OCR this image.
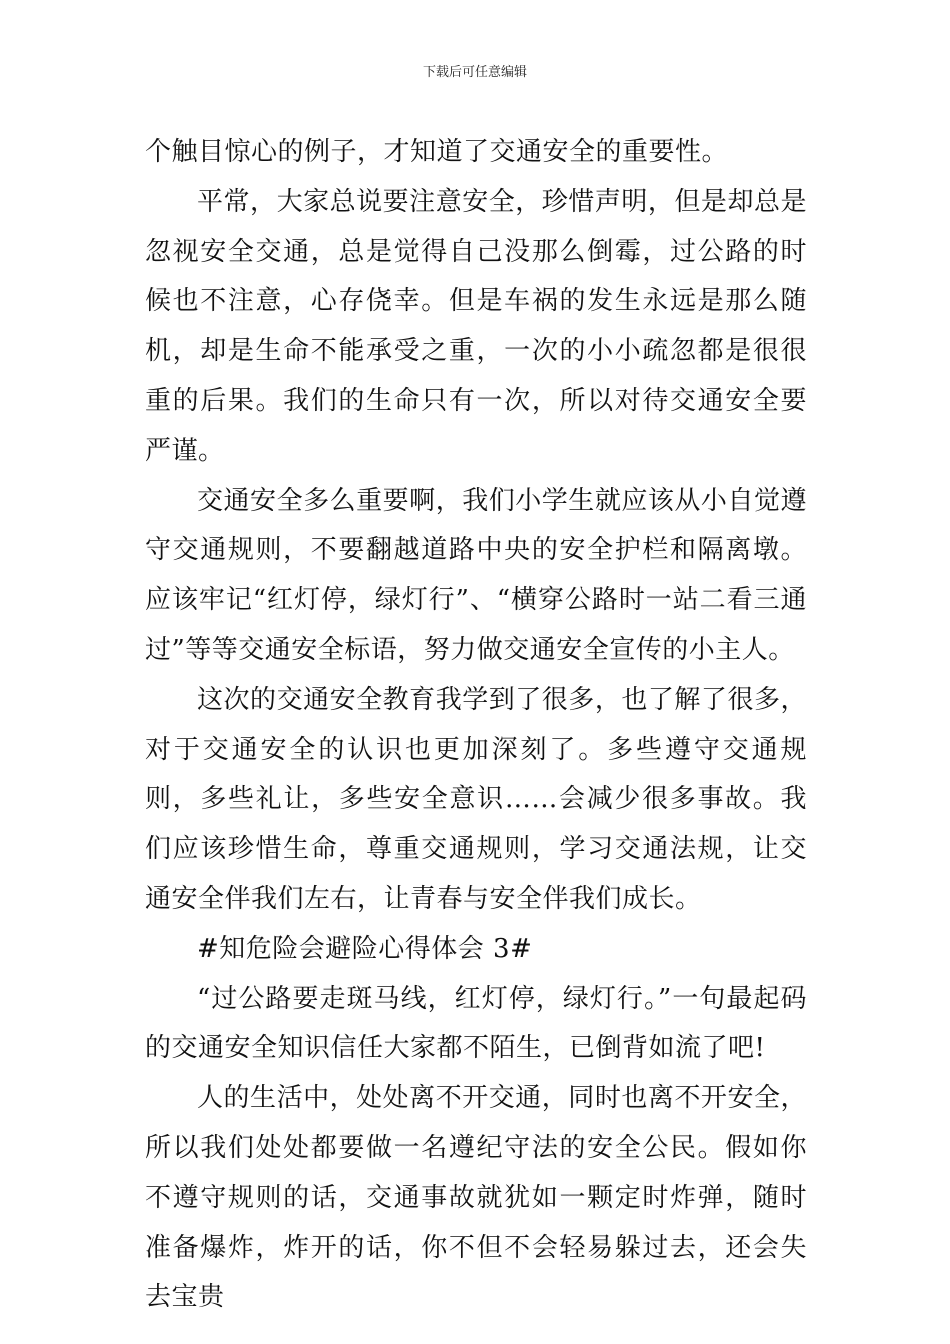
下载后可任意编辑

个触目惊心的例子，才知道了交通安全的重要性。

平常，大家总说要注意安全，珍惜声明，但是却总是忽视安全交通，总是觉得自己没那么倒霉，过公路的时候也不注意，心存侥幸。但是车祸的发生永远是那么随机，却是生命不能承受之重，一次的小小疏忽都是很很重的后果。我们的生命只有一次，所以对待交通安全要严谨。

交通安全多么重要啊，我们小学生就应该从小自觉遵守交通规则，不要翻越道路中央的安全护栏和隔离墩。应该牢记“红灯停，绿灯行”、“横穿公路时一站二看三通过”等等交通安全标语，努力做交通安全宣传的小主人。

这次的交通安全教育我学到了很多，也了解了很多，对于交通安全的认识也更加深刻了。多些遵守交通规则，多些礼让，多些安全意识……会减少很多事故。我们应该珍惜生命，尊重交通规则，学习交通法规，让交通安全伴我们左右，让青春与安全伴我们成长。

#知危险会避险心得体会 3#

“过公路要走斑马线，红灯停，绿灯行。”一句最起码的交通安全知识信任大家都不陌生，已倒背如流了吧!

人的生活中，处处离不开交通，同时也离不开安全，所以我们处处都要做一名遵纪守法的安全公民。假如你不遵守规则的话，交通事故就犹如一颗定时炸弹，随时准备爆炸，炸开的话，你不但不会轻易躲过去，还会失去宝贵
